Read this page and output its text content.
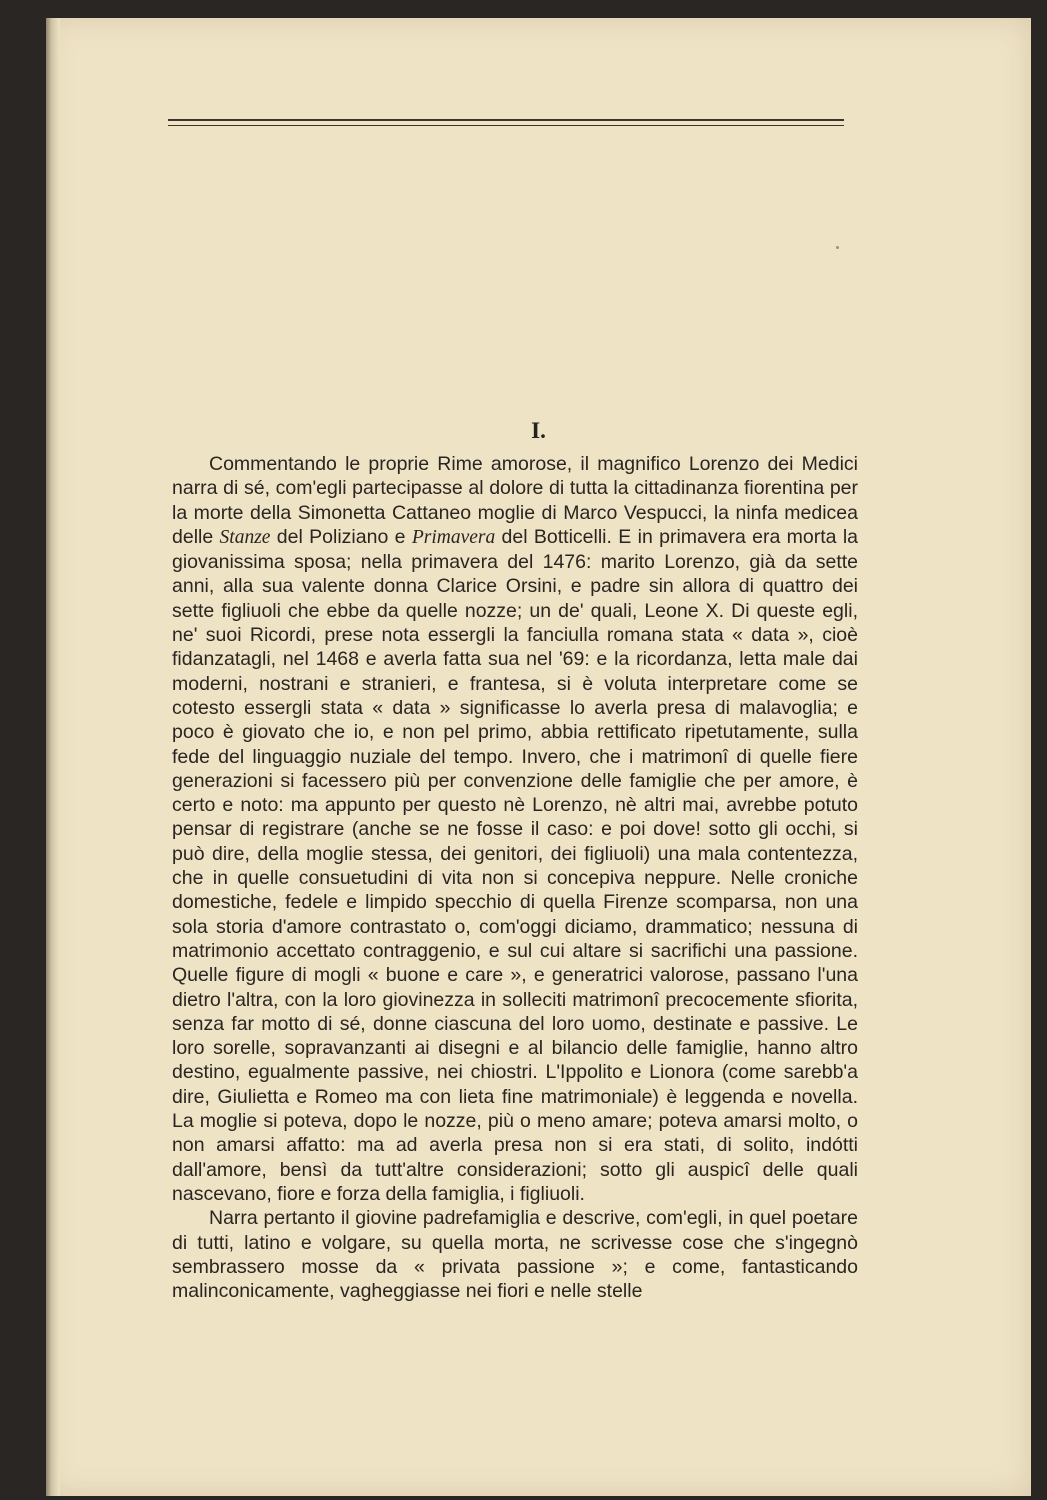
I.

Commentando le proprie Rime amorose, il magnifico Lorenzo dei Medici narra di sé, com'egli partecipasse al dolore di tutta la cittadinanza fiorentina per la morte della Simonetta Cattaneo moglie di Marco Vespucci, la ninfa medicea delle Stanze del Poliziano e Primavera del Botticelli. E in primavera era morta la giovanissima sposa; nella primavera del 1476: marito Lorenzo, già da sette anni, alla sua valente donna Clarice Orsini, e padre sin allora di quattro dei sette figliuoli che ebbe da quelle nozze; un de' quali, Leone X. Di queste egli, ne' suoi Ricordi, prese nota essergli la fanciulla romana stata « data », cioè fidanzatagli, nel 1468 e averla fatta sua nel '69: e la ricordanza, letta male dai moderni, nostrani e stranieri, e frantesa, si è voluta interpretare come se cotesto essergli stata « data » significasse lo averla presa di malavoglia; e poco è giovato che io, e non pel primo, abbia rettificato ripetutamente, sulla fede del linguaggio nuziale del tempo. Invero, che i matrimonî di quelle fiere generazioni si facessero più per convenzione delle famiglie che per amore, è certo e noto: ma appunto per questo nè Lorenzo, nè altri mai, avrebbe potuto pensar di registrare (anche se ne fosse il caso: e poi dove! sotto gli occhi, si può dire, della moglie stessa, dei genitori, dei figliuoli) una mala contentezza, che in quelle consuetudini di vita non si concepiva neppure. Nelle croniche domestiche, fedele e limpido specchio di quella Firenze scomparsa, non una sola storia d'amore contrastato o, com'oggi diciamo, drammatico; nessuna di matrimonio accettato contraggenio, e sul cui altare si sacrifichi una passione. Quelle figure di mogli « buone e care », e generatrici valorose, passano l'una dietro l'altra, con la loro giovinezza in solleciti matrimonî precocemente sfiorita, senza far motto di sé, donne ciascuna del loro uomo, destinate e passive. Le loro sorelle, sopravanzanti ai disegni e al bilancio delle famiglie, hanno altro destino, egualmente passive, nei chiostri. L'Ippolito e Lionora (come sarebb'a dire, Giulietta e Romeo ma con lieta fine matrimoniale) è leggenda e novella. La moglie si poteva, dopo le nozze, più o meno amare; poteva amarsi molto, o non amarsi affatto: ma ad averla presa non si era stati, di solito, indótti dall'amore, bensì da tutt'altre considerazioni; sotto gli auspicî delle quali nascevano, fiore e forza della famiglia, i figliuoli.

Narra pertanto il giovine padrefamiglia e descrive, com'egli, in quel poetare di tutti, latino e volgare, su quella morta, ne scrivesse cose che s'ingegnò sembrassero mosse da « privata passione »; e come, fantasticando malinconicamente, vagheggiasse nei fiori e nelle stelle
